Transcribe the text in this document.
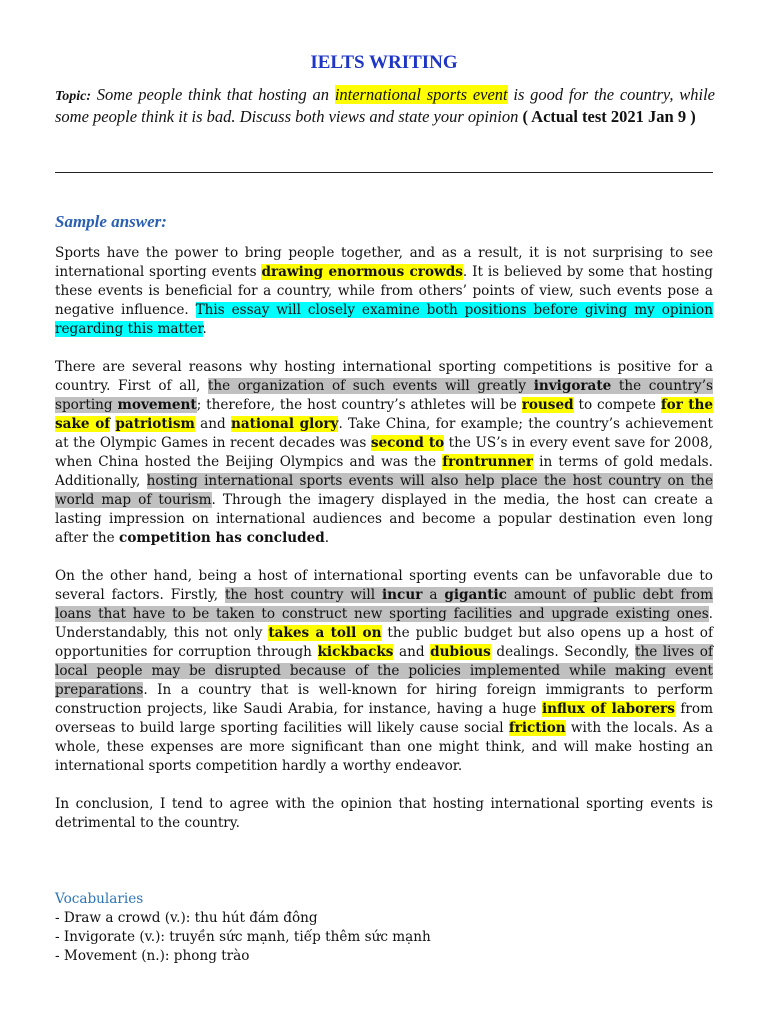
IELTS WRITING

Topic: Some people think that hosting an international sports event is good for the country, while some people think it is bad. Discuss both views and state your opinion ( Actual test 2021 Jan 9 )

Sample answer:

Sports have the power to bring people together, and as a result, it is not surprising to see international sporting events drawing enormous crowds. It is believed by some that hosting these events is beneficial for a country, while from others’ points of view, such events pose a negative influence. This essay will closely examine both positions before giving my opinion regarding this matter.

There are several reasons why hosting international sporting competitions is positive for a country. First of all, the organization of such events will greatly invigorate the country’s sporting movement; therefore, the host country’s athletes will be roused to compete for the sake of patriotism and national glory. Take China, for example; the country’s achievement at the Olympic Games in recent decades was second to the US’s in every event save for 2008, when China hosted the Beijing Olympics and was the frontrunner in terms of gold medals. Additionally, hosting international sports events will also help place the host country on the world map of tourism. Through the imagery displayed in the media, the host can create a lasting impression on international audiences and become a popular destination even long after the competition has concluded.

On the other hand, being a host of international sporting events can be unfavorable due to several factors. Firstly, the host country will incur a gigantic amount of public debt from loans that have to be taken to construct new sporting facilities and upgrade existing ones. Understandably, this not only takes a toll on the public budget but also opens up a host of opportunities for corruption through kickbacks and dubious dealings. Secondly, the lives of local people may be disrupted because of the policies implemented while making event preparations. In a country that is well-known for hiring foreign immigrants to perform construction projects, like Saudi Arabia, for instance, having a huge influx of laborers from overseas to build large sporting facilities will likely cause social friction with the locals. As a whole, these expenses are more significant than one might think, and will make hosting an international sports competition hardly a worthy endeavor.

In conclusion, I tend to agree with the opinion that hosting international sporting events is detrimental to the country.

Vocabularies
- Draw a crowd (v.): thu hút đám đông
- Invigorate (v.): truyền sức mạnh, tiếp thêm sức mạnh
- Movement (n.): phong trào
